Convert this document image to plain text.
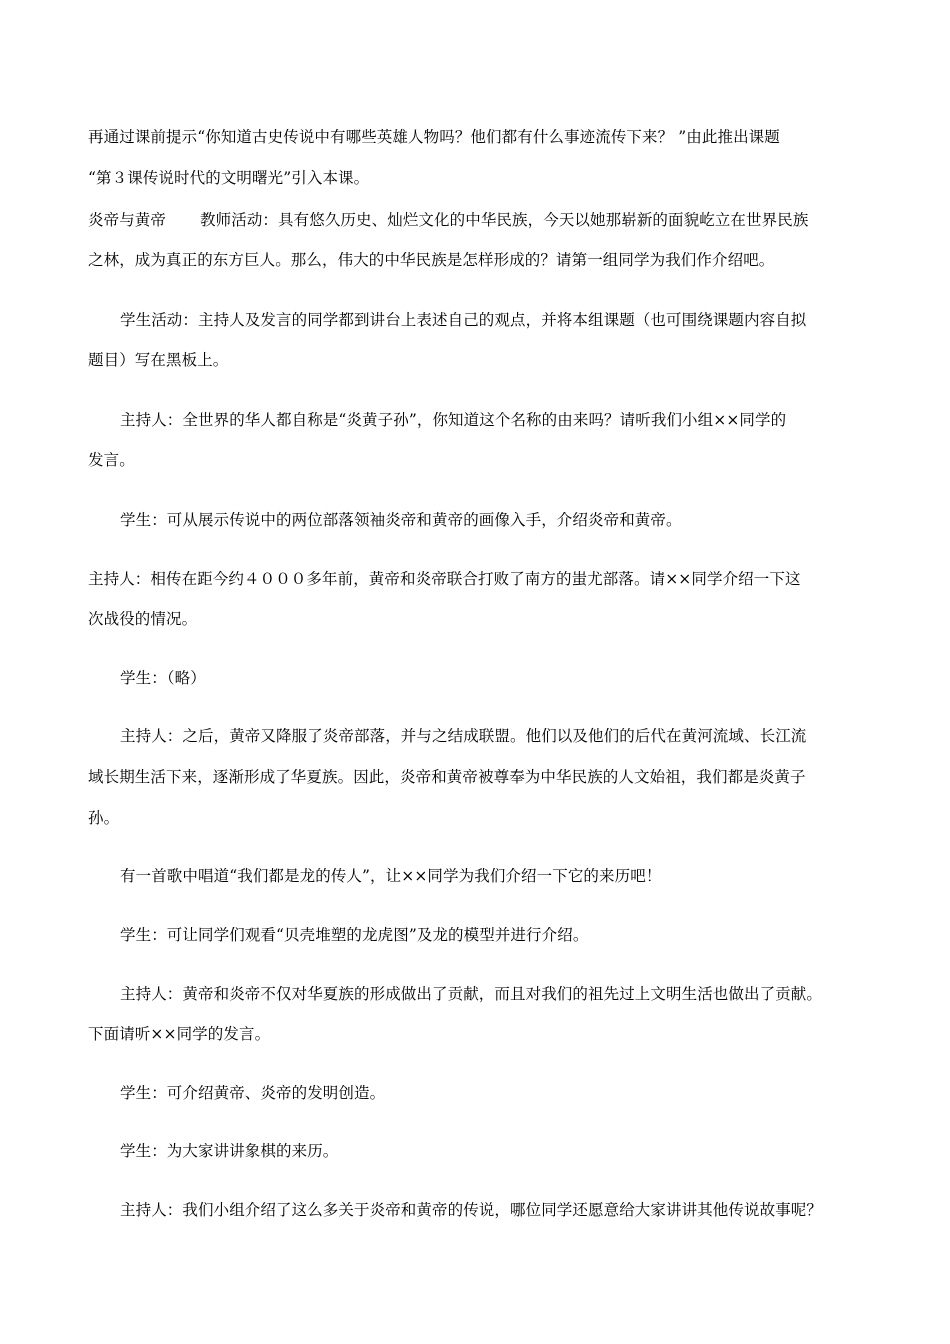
再通过课前提示“你知道古史传说中有哪些英雄人物吗？他们都有什么事迹流传下来？ ”由此推出课题
“第３课传说时代的文明曙光”引入本课。
炎帝与黄帝 教师活动：具有悠久历史、灿烂文化的中华民族，今天以她那崭新的面貌屹立在世界民族
之林，成为真正的东方巨人。那么，伟大的中华民族是怎样形成的？请第一组同学为我们作介绍吧。
学生活动：主持人及发言的同学都到讲台上表述自己的观点，并将本组课题（也可围绕课题内容自拟
题目）写在黑板上。
主持人：全世界的华人都自称是“炎黄子孙”，你知道这个名称的由来吗？请听我们小组××同学的
发言。
学生：可从展示传说中的两位部落领袖炎帝和黄帝的画像入手，介绍炎帝和黄帝。
主持人：相传在距今约４０００多年前，黄帝和炎帝联合打败了南方的蚩尤部落。请××同学介绍一下这
次战役的情况。
学生：（略）
主持人：之后，黄帝又降服了炎帝部落，并与之结成联盟。他们以及他们的后代在黄河流域、长江流
域长期生活下来，逐渐形成了华夏族。因此，炎帝和黄帝被尊奉为中华民族的人文始祖，我们都是炎黄子
孙。
有一首歌中唱道“我们都是龙的传人”，让××同学为我们介绍一下它的来历吧！
学生：可让同学们观看“贝壳堆塑的龙虎图”及龙的模型并进行介绍。
主持人：黄帝和炎帝不仅对华夏族的形成做出了贡献，而且对我们的祖先过上文明生活也做出了贡献。
下面请听××同学的发言。
学生：可介绍黄帝、炎帝的发明创造。
学生：为大家讲讲象棋的来历。
主持人：我们小组介绍了这么多关于炎帝和黄帝的传说，哪位同学还愿意给大家讲讲其他传说故事呢？
